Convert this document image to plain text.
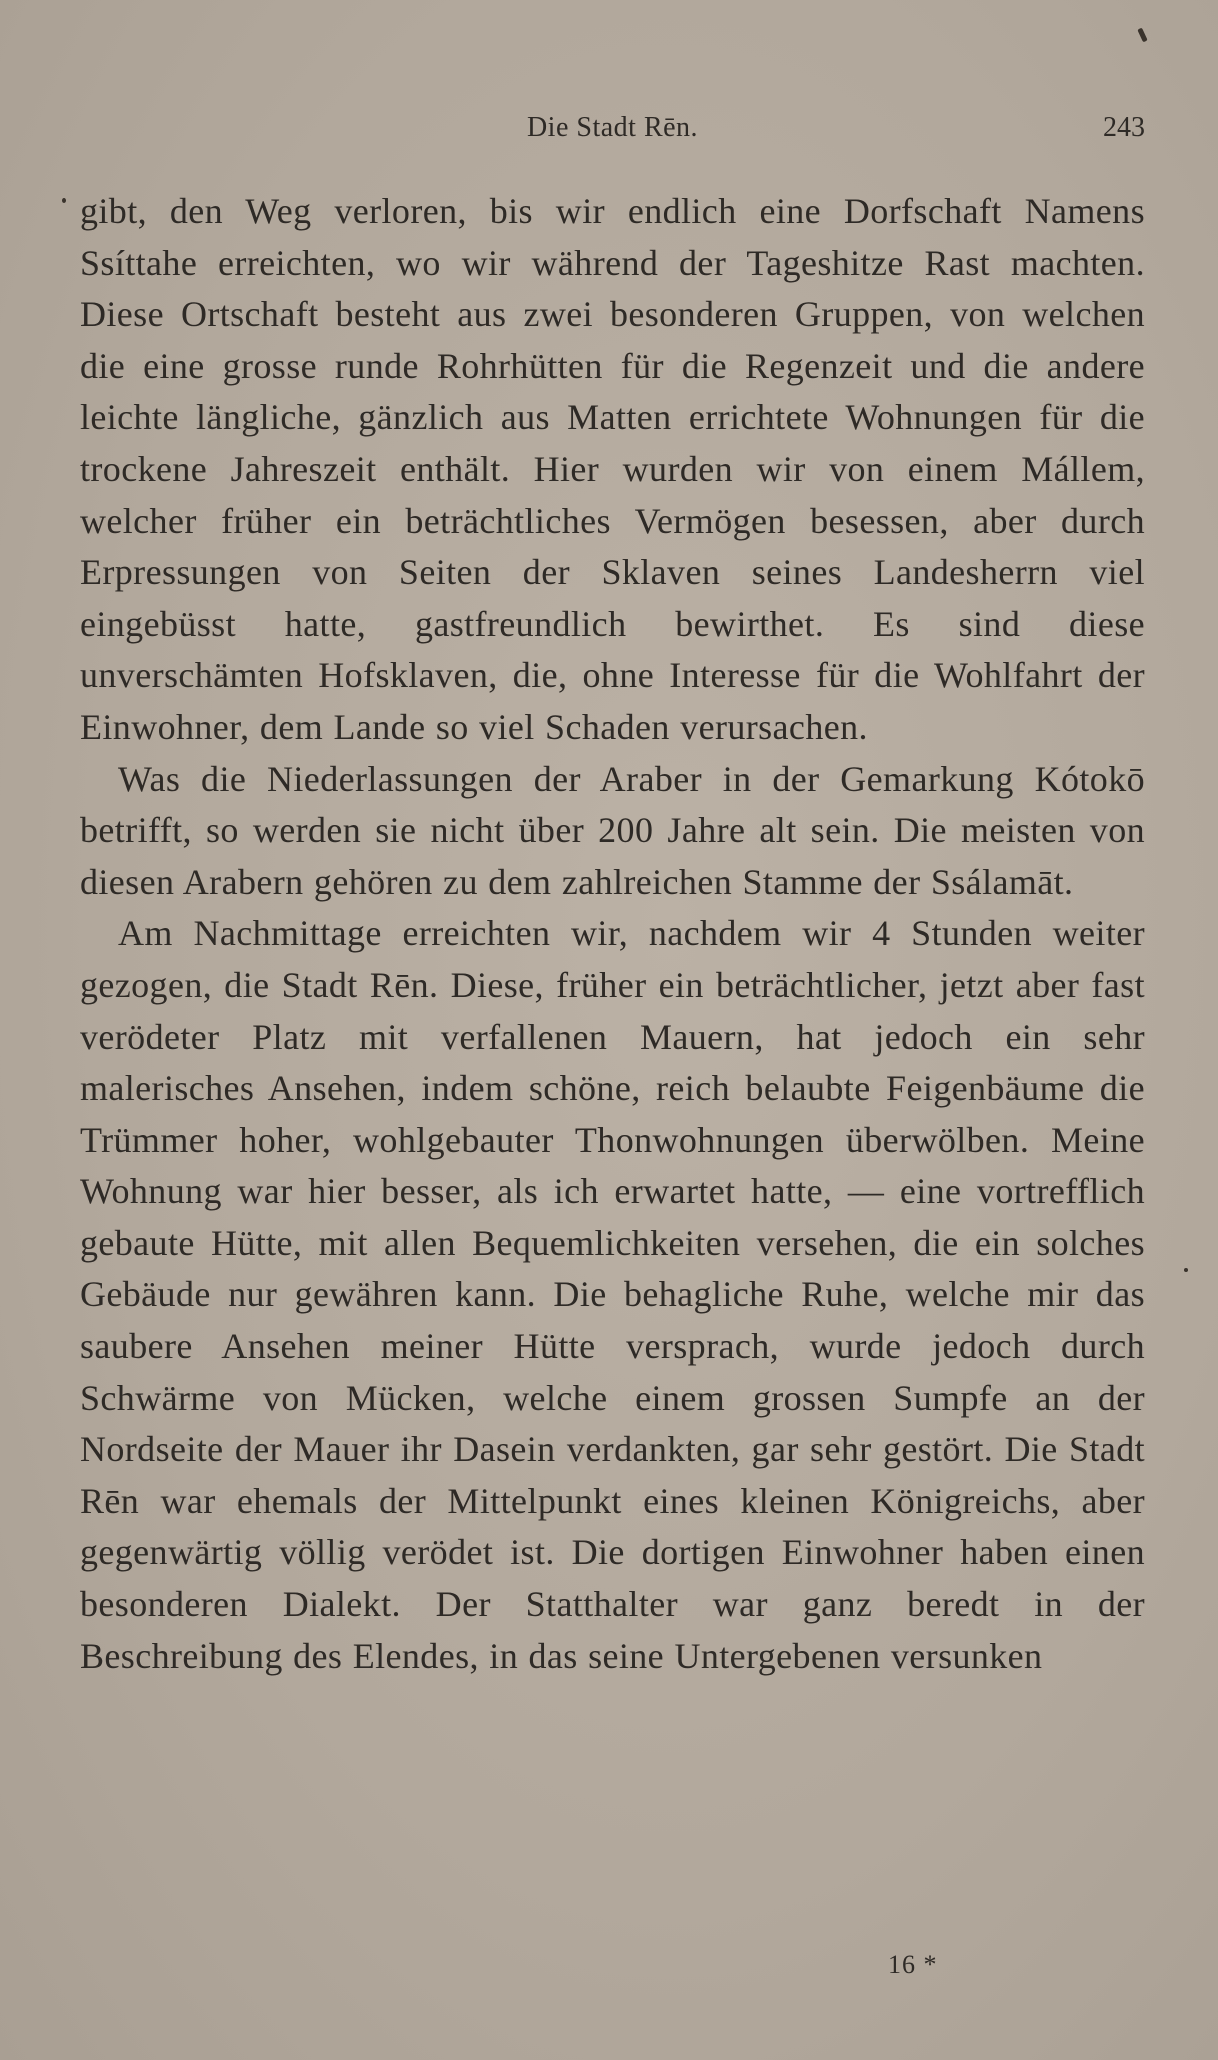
Die Stadt Rēn.	243

gibt, den Weg verloren, bis wir endlich eine Dorfschaft Namens Ssíttahe erreichten, wo wir während der Tageshitze Rast machten. Diese Ortschaft besteht aus zwei besonderen Gruppen, von welchen die eine grosse runde Rohrhütten für die Regenzeit und die andere leichte längliche, gänzlich aus Matten errichtete Wohnungen für die trockene Jahreszeit enthält. Hier wurden wir von einem Mállem, welcher früher ein beträchtliches Vermögen besessen, aber durch Erpressungen von Seiten der Sklaven seines Landesherrn viel eingebüsst hatte, gastfreundlich bewirthet. Es sind diese unverschämten Hofsklaven, die, ohne Interesse für die Wohlfahrt der Einwohner, dem Lande so viel Schaden verursachen.

Was die Niederlassungen der Araber in der Gemarkung Kótokō betrifft, so werden sie nicht über 200 Jahre alt sein. Die meisten von diesen Arabern gehören zu dem zahlreichen Stamme der Ssálamāt.

Am Nachmittage erreichten wir, nachdem wir 4 Stunden weiter gezogen, die Stadt Rēn. Diese, früher ein beträchtlicher, jetzt aber fast verödeter Platz mit verfallenen Mauern, hat jedoch ein sehr malerisches Ansehen, indem schöne, reich belaubte Feigenbäume die Trümmer hoher, wohlgebauter Thonwohnungen überwölben. Meine Wohnung war hier besser, als ich erwartet hatte, — eine vortrefflich gebaute Hütte, mit allen Bequemlichkeiten versehen, die ein solches Gebäude nur gewähren kann. Die behagliche Ruhe, welche mir das saubere Ansehen meiner Hütte versprach, wurde jedoch durch Schwärme von Mücken, welche einem grossen Sumpfe an der Nordseite der Mauer ihr Dasein verdankten, gar sehr gestört. Die Stadt Rēn war ehemals der Mittelpunkt eines kleinen Königreichs, aber gegenwärtig völlig verödet ist. Die dortigen Einwohner haben einen besonderen Dialekt. Der Statthalter war ganz beredt in der Beschreibung des Elendes, in das seine Untergebenen versunken

16 *
